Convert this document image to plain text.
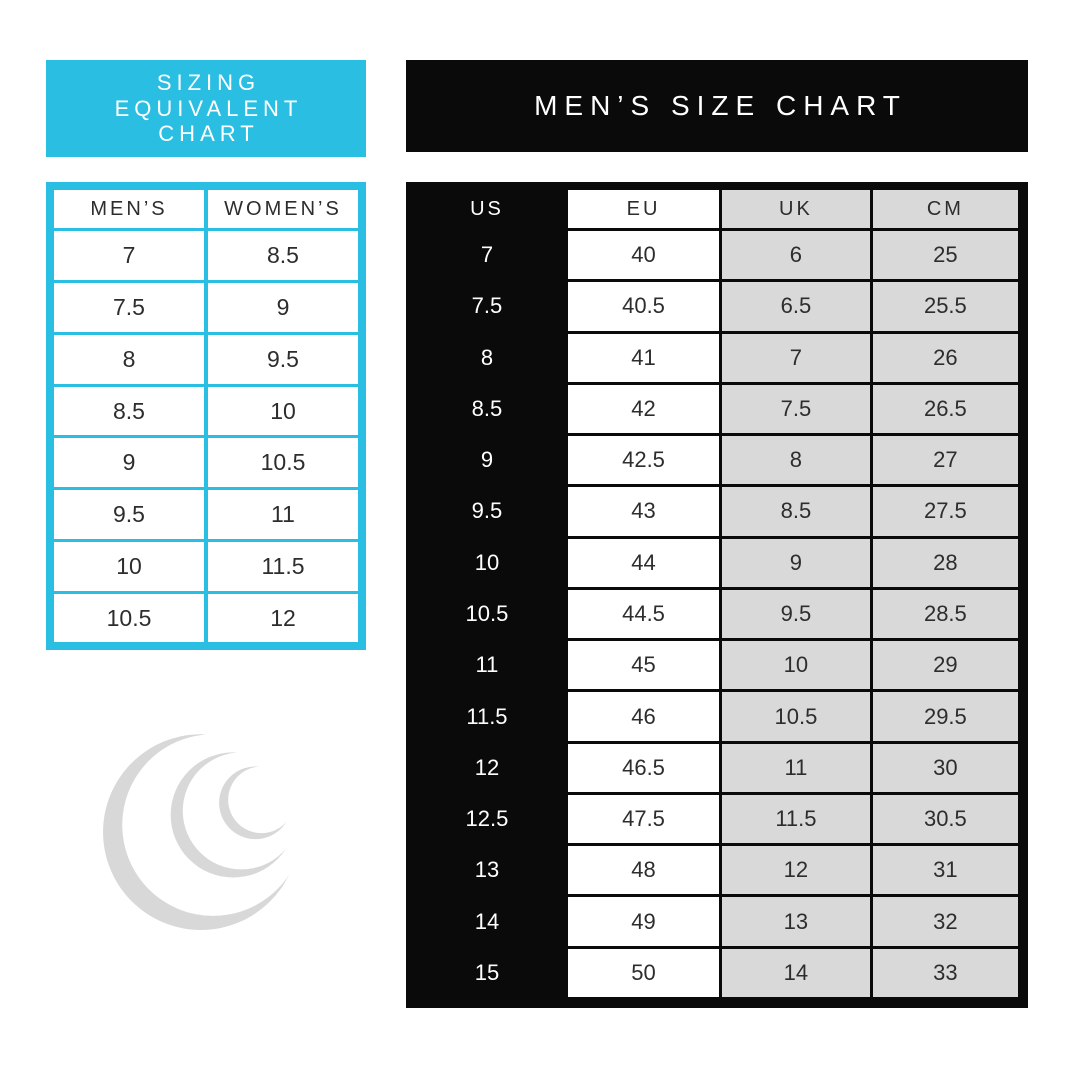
SIZING
EQUIVALENT
CHART
MEN’S SIZE CHART
MEN’S	WOMEN’S
7	8.5
7.5	9
8	9.5
8.5	10
9	10.5
9.5	11
10	11.5
10.5	12
US	EU	UK	CM
7	40	6	25
7.5	40.5	6.5	25.5
8	41	7	26
8.5	42	7.5	26.5
9	42.5	8	27
9.5	43	8.5	27.5
10	44	9	28
10.5	44.5	9.5	28.5
11	45	10	29
11.5	46	10.5	29.5
12	46.5	11	30
12.5	47.5	11.5	30.5
13	48	12	31
14	49	13	32
15	50	14	33
